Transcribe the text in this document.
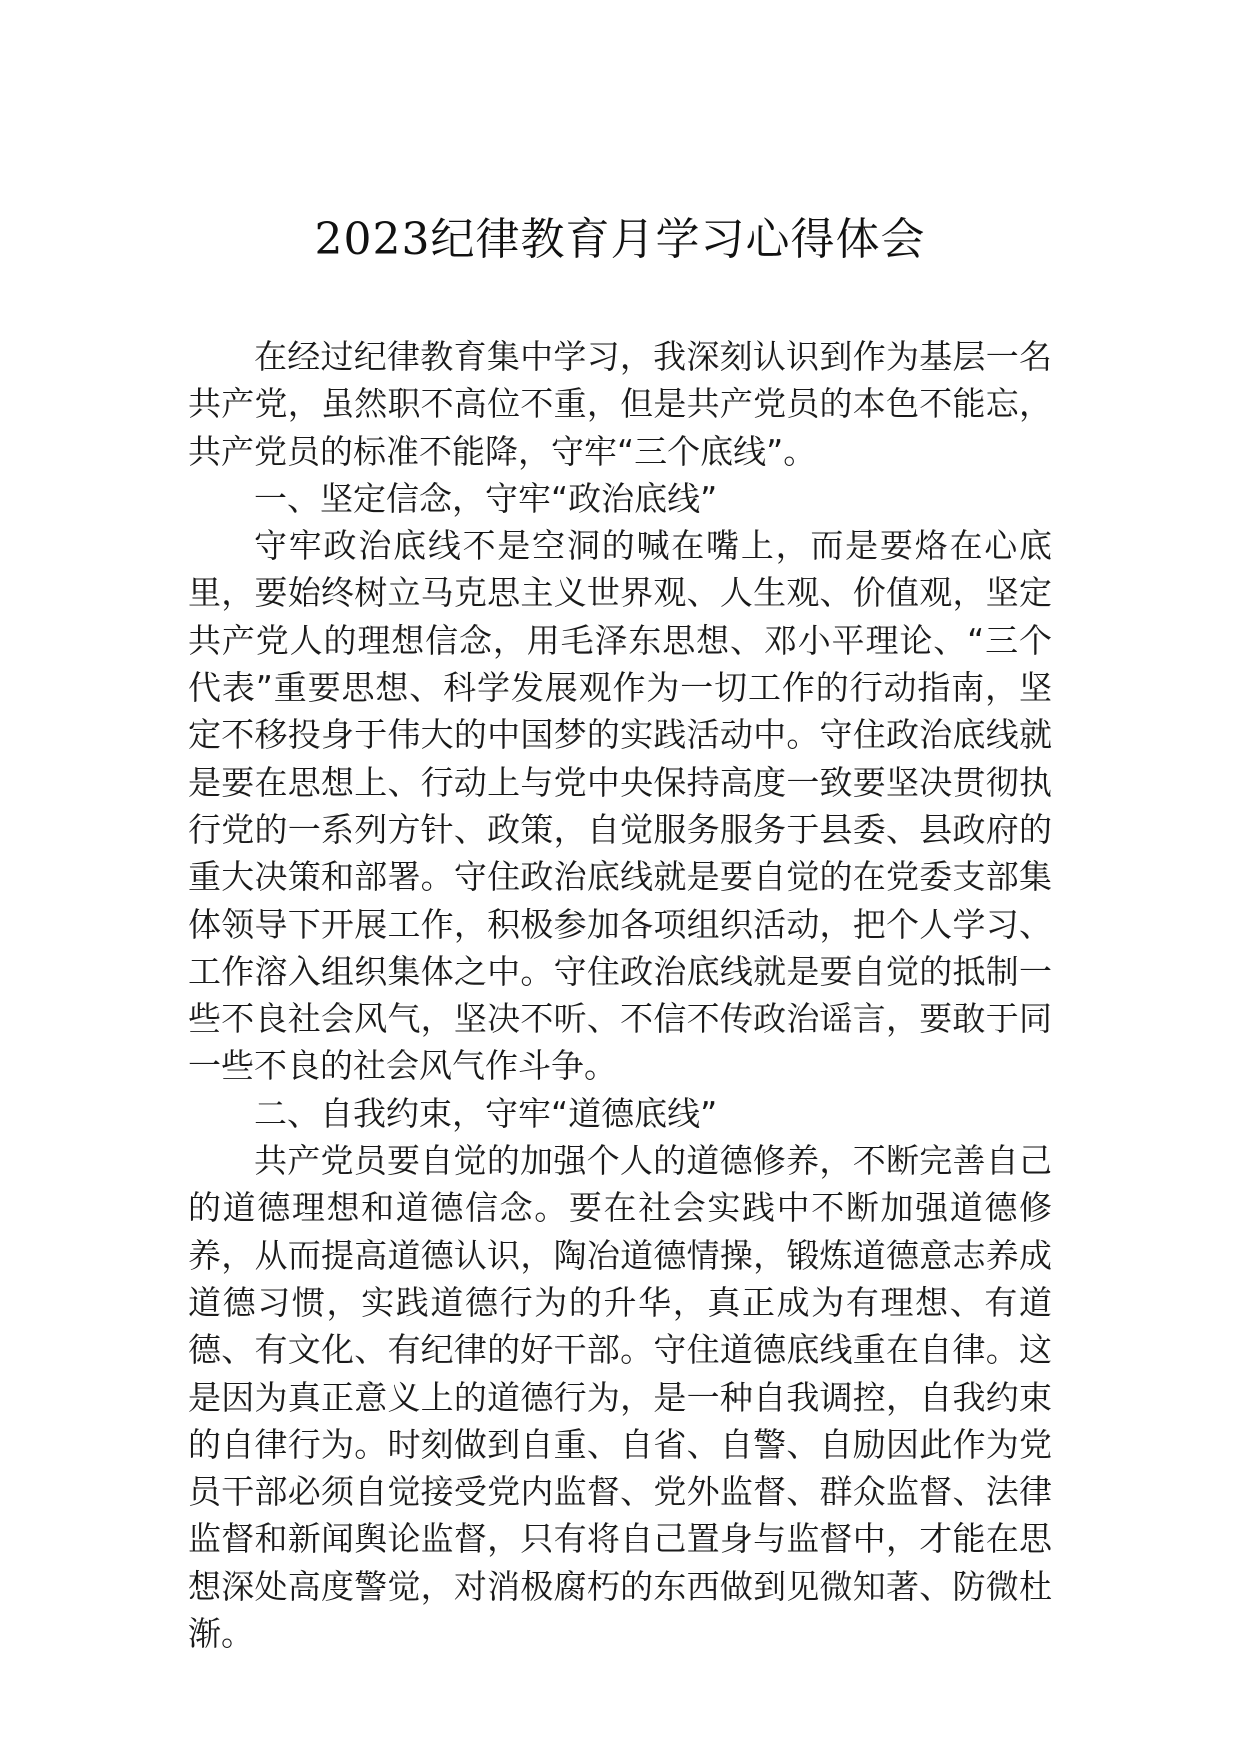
2023纪律教育月学习心得体会

在经过纪律教育集中学习，我深刻认识到作为基层一名共产党，虽然职不高位不重，但是共产党员的本色不能忘，共产党员的标准不能降，守牢“三个底线”。

一、坚定信念，守牢“政治底线”

守牢政治底线不是空洞的喊在嘴上，而是要烙在心底里，要始终树立马克思主义世界观、人生观、价值观，坚定共产党人的理想信念，用毛泽东思想、邓小平理论、“三个代表”重要思想、科学发展观作为一切工作的行动指南，坚定不移投身于伟大的中国梦的实践活动中。守住政治底线就是要在思想上、行动上与党中央保持高度一致要坚决贯彻执行党的一系列方针、政策，自觉服务服务于县委、县政府的重大决策和部署。守住政治底线就是要自觉的在党委支部集体领导下开展工作，积极参加各项组织活动，把个人学习、工作溶入组织集体之中。守住政治底线就是要自觉的抵制一些不良社会风气，坚决不听、不信不传政治谣言，要敢于同一些不良的社会风气作斗争。

二、自我约束，守牢“道德底线”

共产党员要自觉的加强个人的道德修养，不断完善自己的道德理想和道德信念。要在社会实践中不断加强道德修养，从而提高道德认识，陶冶道德情操，锻炼道德意志养成道德习惯，实践道德行为的升华，真正成为有理想、有道德、有文化、有纪律的好干部。守住道德底线重在自律。这是因为真正意义上的道德行为，是一种自我调控，自我约束的自律行为。时刻做到自重、自省、自警、自励因此作为党员干部必须自觉接受党内监督、党外监督、群众监督、法律监督和新闻舆论监督，只有将自己置身与监督中，才能在思想深处高度警觉，对消极腐朽的东西做到见微知著、防微杜渐。
